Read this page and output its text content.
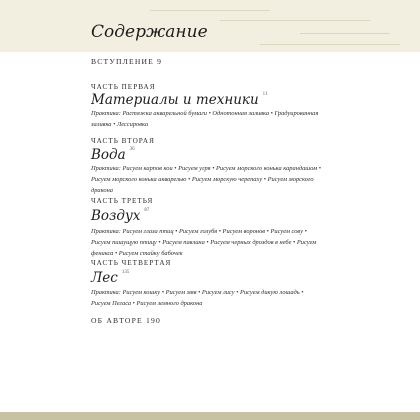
Содержание
ВСТУПЛЕНИЕ 9
ЧАСТЬ ПЕРВАЯ
Материалы и техники $^{11}$
Практика: Растяжка акварельной бумаги • Однотонная заливка • Градуированная заливка • Лессировка
ЧАСТЬ ВТОРАЯ
Вода $^{36}$
Практика: Рисуем карпов кои • Рисуем угря • Рисуем морского конька карандашом • Рисуем морского конька акварелью • Рисуем морскую черепаху • Рисуем морского дракона
ЧАСТЬ ТРЕТЬЯ
Воздух $^{87}$
Практика: Рисуем глаза птиц • Рисуем голубя • Рисуем воронов • Рисуем сову • Рисуем пишущую птицу • Рисуем павлина • Рисуем черных дроздов в небе • Рисуем феникса • Рисуем стайку бабочек
ЧАСТЬ ЧЕТВЕРТАЯ
Лес $^{135}$
Практика: Рисуем кошку • Рисуем мяв • Рисуем лису • Рисуем дикую лошадь • Рисуем Пегаса • Рисуем земного дракона
ОБ АВТОРЕ 190
